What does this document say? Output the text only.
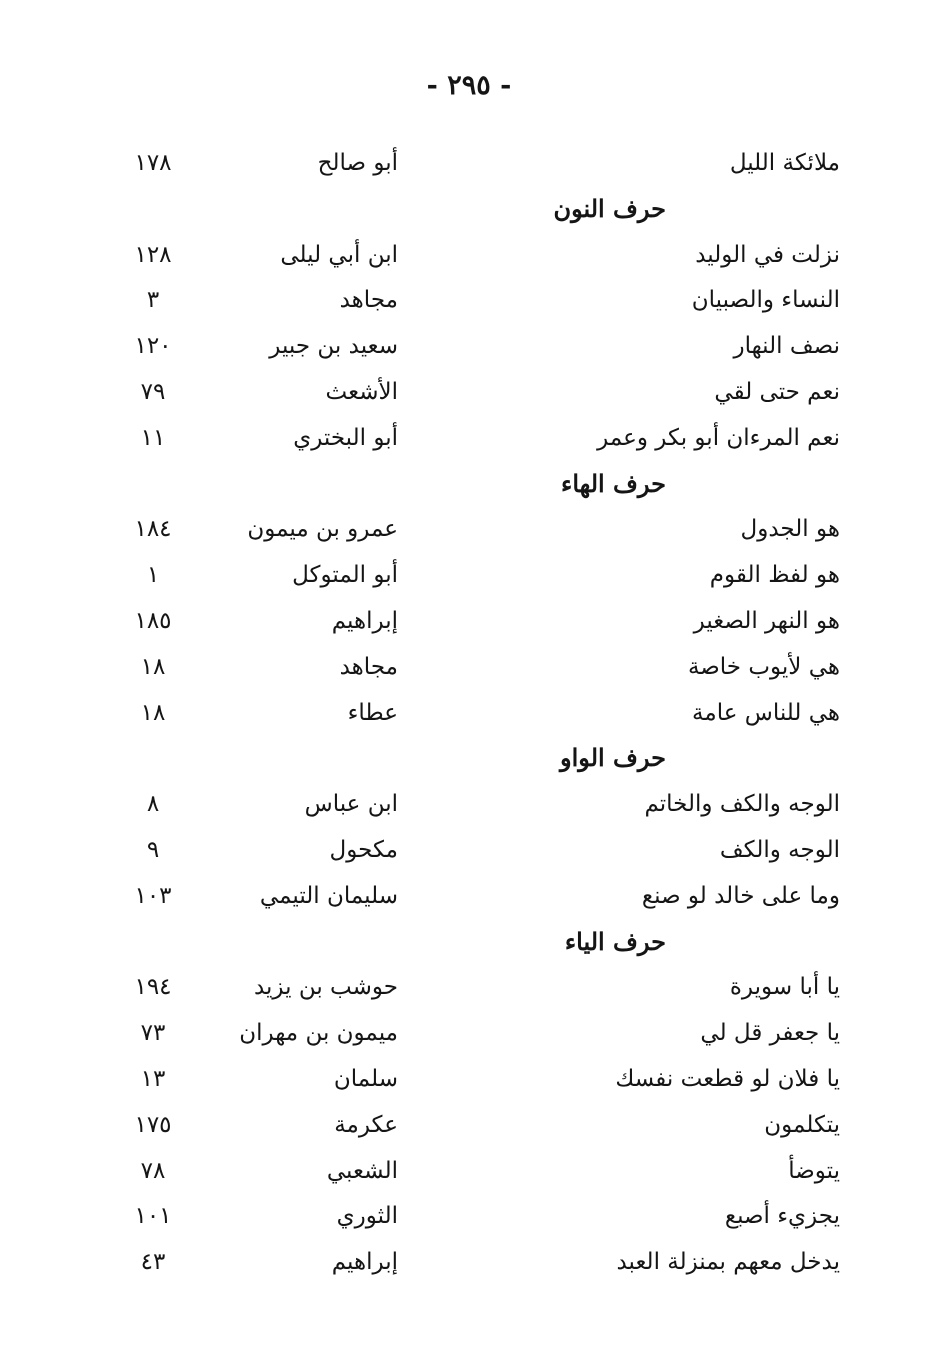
- ٢٩٥ -
ملائكة الليل
أبو صالح
١٧٨
حرف النون
نزلت في الوليد
ابن أبي ليلى
١٢٨
النساء والصبيان
مجاهد
٣
نصف النهار
سعيد بن جبير
١٢٠
نعم حتى لقي
الأشعث
٧٩
نعم المرءان أبو بكر وعمر
أبو البختري
١١
حرف الهاء
هو الجدول
عمرو بن ميمون
١٨٤
هو لفظ القوم
أبو المتوكل
١
هو النهر الصغير
إبراهيم
١٨٥
هي لأيوب خاصة
مجاهد
١٨
هي للناس عامة
عطاء
١٨
حرف الواو
الوجه والكف والخاتم
ابن عباس
٨
الوجه والكف
مكحول
٩
وما على خالد لو صنع
سليمان التيمي
١٠٣
حرف الياء
يا أبا سويرة
حوشب بن يزيد
١٩٤
يا جعفر قل لي
ميمون بن مهران
٧٣
يا فلان لو قطعت نفسك
سلمان
١٣
يتكلمون
عكرمة
١٧٥
يتوضأ
الشعبي
٧٨
يجزيء أصبع
الثوري
١٠١
يدخل معهم بمنزلة العبد
إبراهيم
٤٣
